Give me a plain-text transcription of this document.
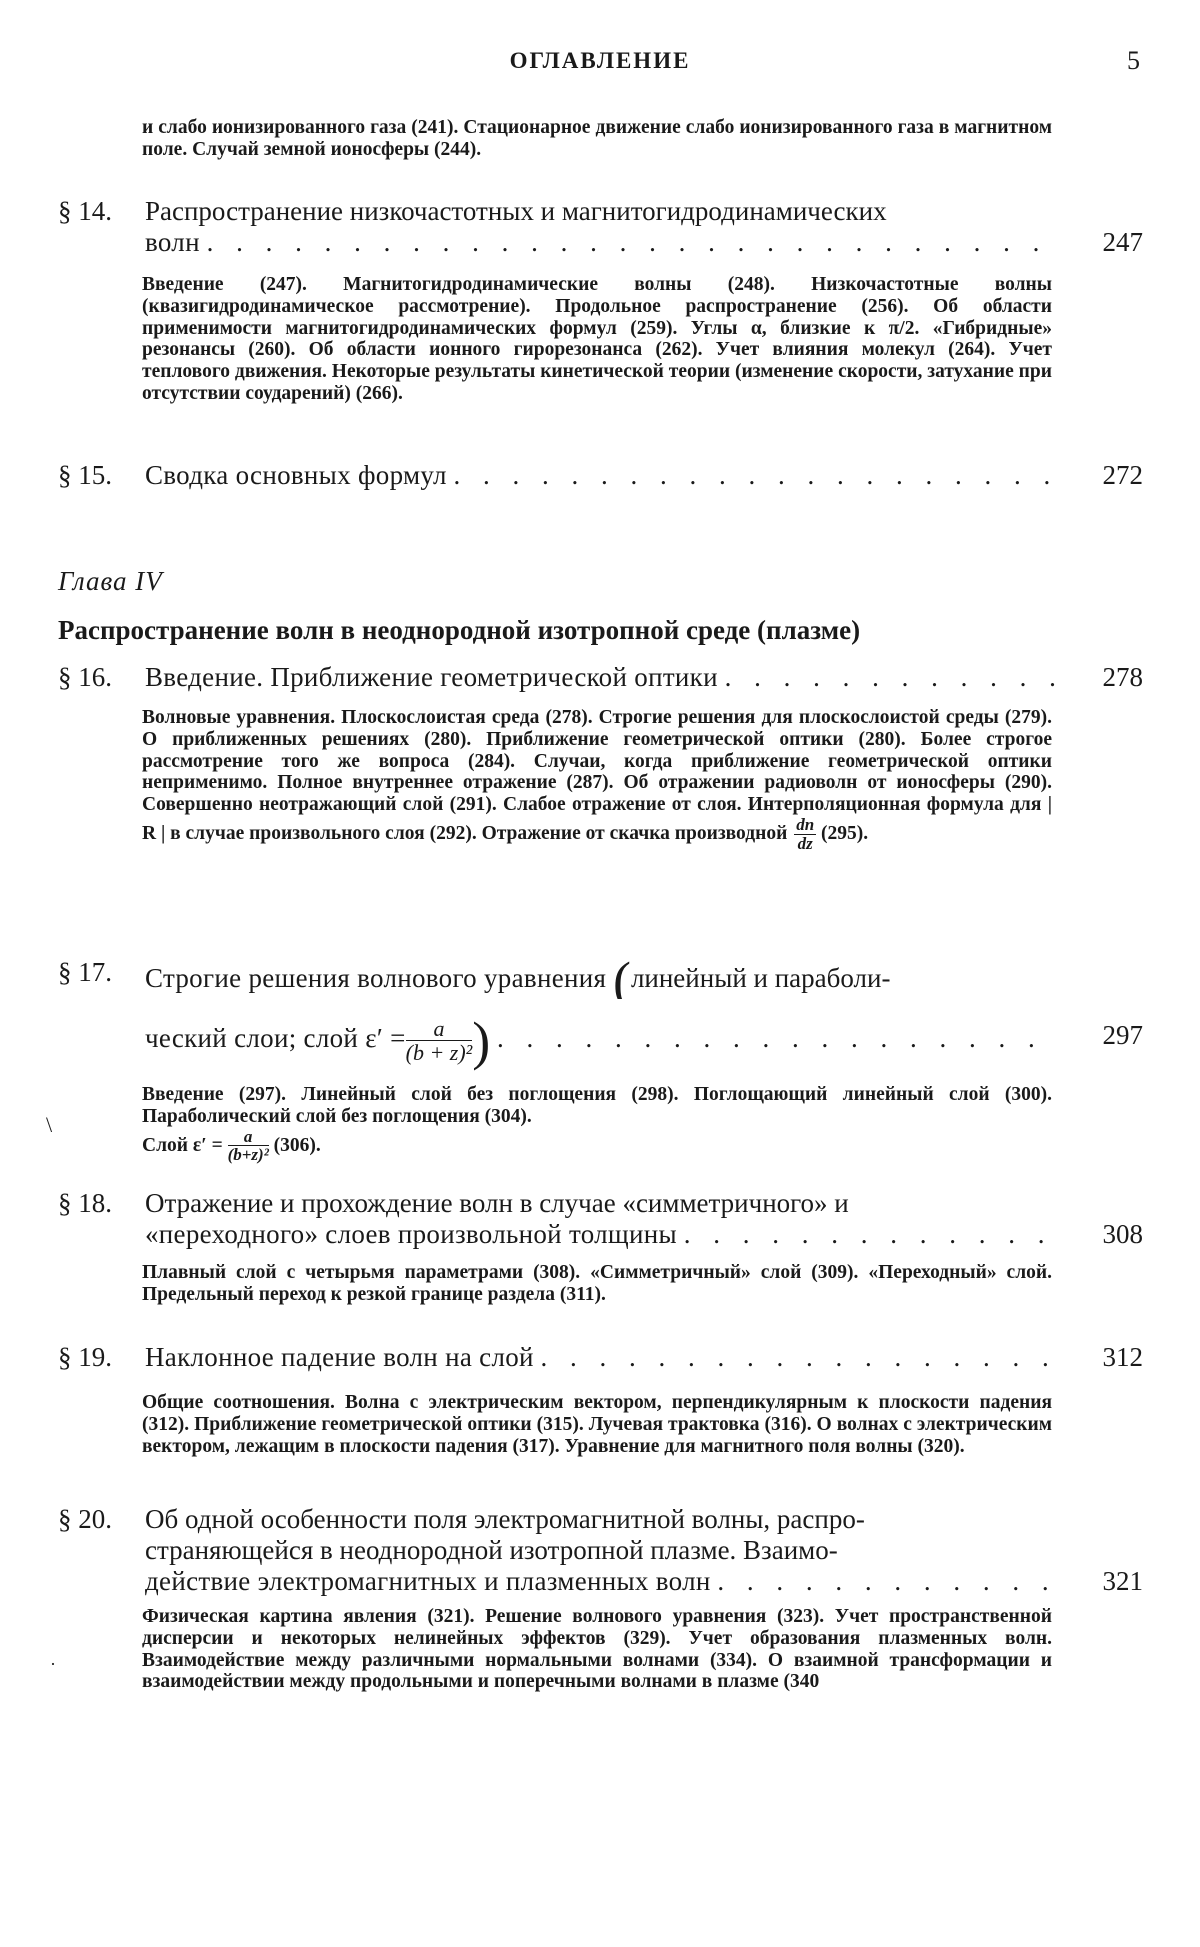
ОГЛАВЛЕНИЕ	5
и слабо ионизированного газа (241). Стационарное движение слабо ионизированного газа в магнитном поле. Случай земной ионосферы (244).
§ 14. Распространение низкочастотных и магнитогидродинамических
волн . . . . . . . . . . . . . . . . . . . . . . . . . . . . .	247
Введение (247). Магнитогидродинамические волны (248). Низкочастотные волны (квазигидродинамическое рассмотрение). Продольное распространение (256). Об области применимости магнитогидродинамических формул (259). Углы α, близкие к π/2. «Гибридные» резонансы (260). Об области ионного гирорезонанса (262). Учет влияния молекул (264). Учет теплового движения. Некоторые результаты кинетической теории (изменение скорости, затухание при отсутствии соударений) (266).
§ 15. Сводка основных формул . . . . . . . . . . . . . . . . . . . . . 272
Глава IV
Распространение волн в неоднородной изотропной среде (плазме)
§ 16. Введение. Приближение геометрической оптики . . . . . . . . . . .	278
Волновые уравнения. Плоскослоистая среда (278). Строгие решения для плоскослоистой среды (279). О приближенных решениях (280). Приближение геометрической оптики (280). Более строгое рассмотрение того же вопроса (284). Случаи, когда приближение геометрической оптики неприменимо. Полное внутреннее отражение (287). Об отражении радиоволн от ионосферы (290). Совершенно неотражающий слой (291). Слабое отражение от слоя. Интерполяционная формула для | R | в случае произвольного слоя (292). Отражение от скачка производной dn
dz (295).
§ 17. Строгие решения волнового уравнения (линейный и параболи-
ческий слои; слой ε′ =	a
(b + z)² ) . . . . . . . . . . . . . . . . . . .	297
Введение (297). Линейный слой без поглощения (298). Поглощающий линейный слой (300). Параболический слой без поглощения (304).
Слой ε′ =	a
(b+z)² (306).
\
§ 18. Отражение и прохождение волн в случае «симметричного» и
«переходного» слоев произвольной толщины . . . . . . . . . . . . . 308
Плавный слой с четырьмя параметрами (308). «Симметричный» слой (309). «Переходный» слой. Предельный переход к резкой границе раздела (311).
§ 19. Наклонное падение волн на слой . . . . . . . . . . . . . . . . . . 312
Общие соотношения. Волна с электрическим вектором, перпендикулярным к плоскости падения (312). Приближение геометрической оптики (315). Лучевая трактовка (316). О волнах с электрическим вектором, лежащим в плоскости падения (317). Уравнение для магнитного поля волны (320).
§ 20. Об одной особенности поля электромагнитной волны, распро-
страняющейся в неоднородной изотропной плазме. Взаимо-
действие электромагнитных и плазменных волн . . . . . . . . . . . . 321
Физическая картина явления (321). Решение волнового уравнения (323). Учет пространственной дисперсии и некоторых нелинейных эффектов (329). Учет образования плазменных волн. Взаимодействие между различными нормальными волнами (334). О взаимной трансформации и взаимодействии между продольными и поперечными волнами в плазме (340
·
